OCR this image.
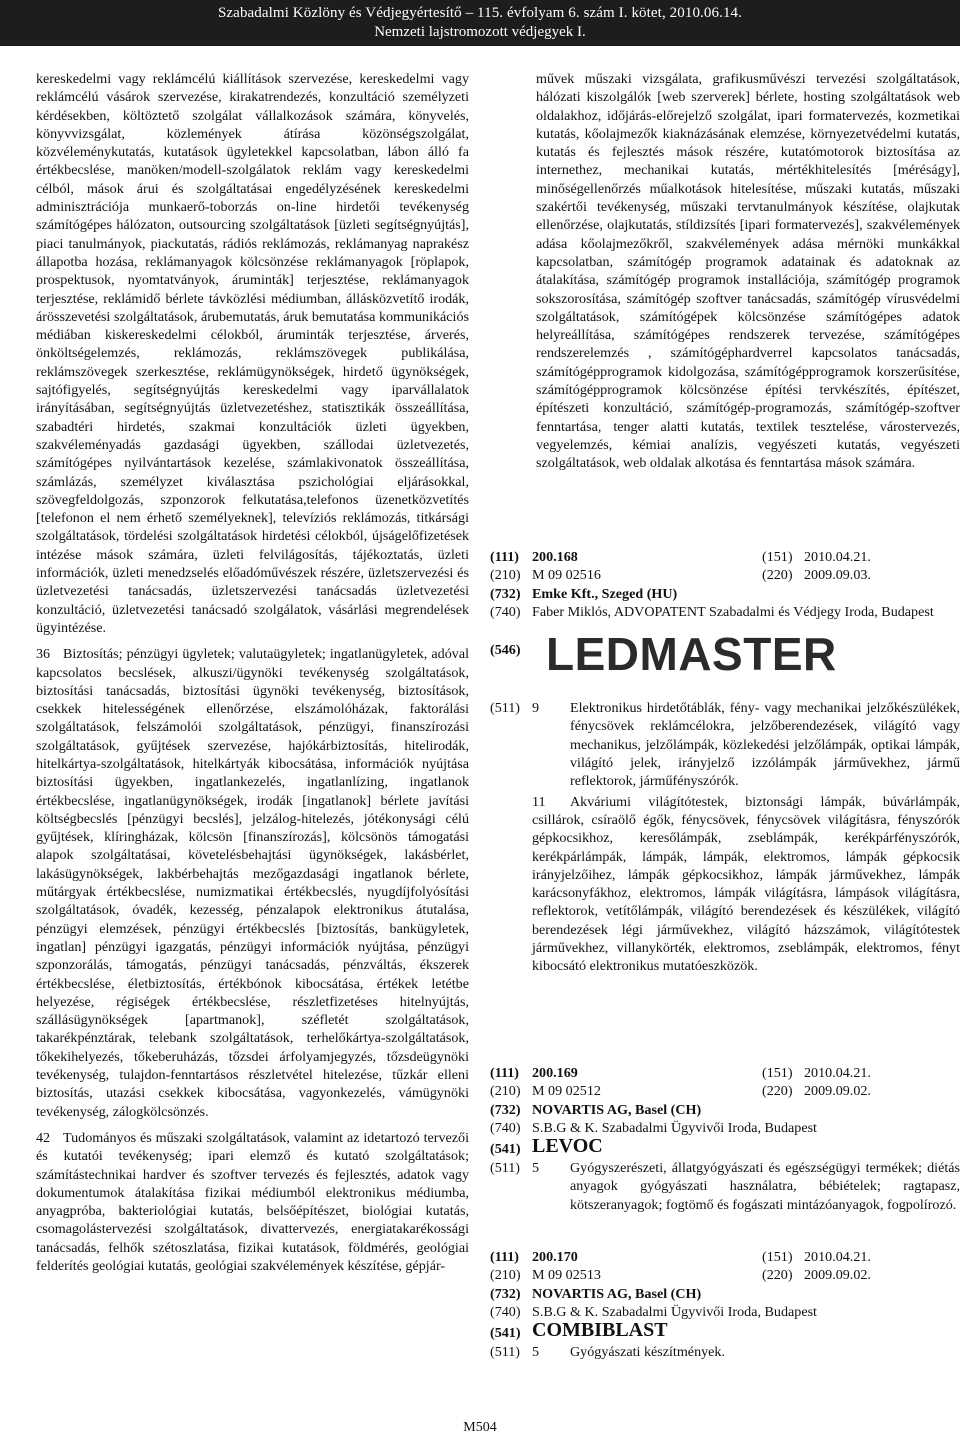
Szabadalmi Közlöny és Védjegyértesítő – 115. évfolyam 6. szám I. kötet, 2010.06.14.
Nemzeti lajstromozott védjegyek I.

kereskedelmi vagy reklámcélú kiállítások szervezése, kereskedelmi vagy reklámcélú vásárok szervezése, kirakatrendezés, konzultáció személyzeti kérdésekben, költöztető szolgálat vállalkozások számára, könyvelés, könyvvizsgálat, közlemények átírása közönségszolgálat, közvéleménykutatás, kutatások ügyletekkel kapcsolatban, lábon álló fa értékbecslése, manöken/modell-szolgálatok reklám vagy kereskedelmi célból, mások árui és szolgáltatásai engedélyzésének kereskedelmi adminisztrációja munkaerő-toborzás on-line hirdetői tevékenység számítógépes hálózaton, outsourcing szolgáltatások [üzleti segítségnyújtás], piaci tanulmányok, piackutatás, rádiós reklámozás, reklámanyag naprakész állapotba hozása, reklámanyagok kölcsönzése reklámanyagok [röplapok, prospektusok, nyomtatványok, áruminták] terjesztése, reklámanyagok terjesztése, reklámidő bérlete távközlési médiumban, állásközvetítő irodák, árösszevetési szolgáltatások, árubemutatás, áruk bemutatása kommunikációs médiában kiskereskedelmi célokból, áruminták terjesztése, árverés, önköltségelemzés, reklámozás, reklámszövegek publikálása, reklámszövegek szerkesztése, reklámügynökségek, hirdető ügynökségek, sajtófigyelés, segítségnyújtás kereskedelmi vagy iparvállalatok irányításában, segítségnyújtás üzletvezetéshez, statisztikák összeállítása, szabadtéri hirdetés, szakmai konzultációk üzleti ügyekben, szakvéleményadás gazdasági ügyekben, szállodai üzletvezetés, számítógépes nyilvántartások kezelése, számlakivonatok összeállítása, számlázás, személyzet kiválasztása pszichológiai eljárásokkal, szövegfeldolgozás, szponzorok felkutatása,telefonos üzenetközvetítés [telefonon el nem érhető személyeknek], televíziós reklámozás, titkársági szolgáltatások, tördelési szolgáltatások hirdetési célokból, újságelőfizetések intézése mások számára, üzleti felvilágosítás, tájékoztatás, üzleti információk, üzleti menedzselés előadóművészek részére, üzletszervezési és üzletvezetési tanácsadás, üzletszervezési tanácsadás üzletvezetési konzultáció, üzletvezetési tanácsadó szolgálatok, vásárlási megrendelések ügyintézése.

36 Biztosítás; pénzügyi ügyletek; valutaügyletek; ingatlanügyletek, adóval kapcsolatos becslések, alkuszi/ügynöki tevékenység szolgáltatások, biztosítási tanácsadás, biztosítási ügynöki tevékenység, biztosítások, csekkek hitelességének ellenőrzése, elszámolóházak, faktorálási szolgáltatások, felszámolói szolgáltatások, pénzügyi, finanszírozási szolgáltatások, gyűjtések szervezése, hajókárbiztosítás, hitelirodák, hitelkártya-szolgáltatások, hitelkártyák kibocsátása, információk nyújtása biztosítási ügyekben, ingatlankezelés, ingatlanlízing, ingatlanok értékbecslése, ingatlanügynökségek, irodák [ingatlanok] bérlete javítási költségbecslés [pénzügyi becslés], jelzálog-hitelezés, jótékonysági célú gyűjtések, klíringházak, kölcsön [finanszírozás], kölcsönös támogatási alapok szolgáltatásai, követelésbehajtási ügynökségek, lakásbérlet, lakásügynökségek, lakbérbehajtás mezőgazdasági ingatlanok bérlete, műtárgyak értékbecslése, numizmatikai értékbecslés, nyugdíjfolyósítási szolgáltatások, óvadék, kezesség, pénzalapok elektronikus átutalása, pénzügyi elemzések, pénzügyi értékbecslés [biztosítás, bankügyletek, ingatlan] pénzügyi igazgatás, pénzügyi információk nyújtása, pénzügyi szponzorálás, támogatás, pénzügyi tanácsadás, pénzváltás, ékszerek értékbecslése, életbiztosítás, értékbónok kibocsátása, értékek letétbe helyezése, régiségek értékbecslése, részletfizetéses hitelnyújtás, szállásügynökségek [apartmanok], széfletét szolgáltatások, takarékpénztárak, telebank szolgáltatások, terhelőkártya-szolgáltatások, tőkekihelyezés, tőkeberuházás, tőzsdei árfolyamjegyzés, tőzsdeügynöki tevékenység, tulajdon-fenntartásos részletvétel hitelezése, tűzkár elleni biztosítás, utazási csekkek kibocsátása, vagyonkezelés, vámügynöki tevékenység, zálogkölcsönzés.

42 Tudományos és műszaki szolgáltatások, valamint az idetartozó tervezői és kutatói tevékenység; ipari elemző és kutató szolgáltatások; számítástechnikai hardver és szoftver tervezés és fejlesztés, adatok vagy dokumentumok átalakítása fizikai médiumból elektronikus médiumba, anyagpróba, bakteriológiai kutatás, belsőépítészet, biológiai kutatás, csomagolástervezési szolgáltatások, divattervezés, energiatakarékossági tanácsadás, felhők szétoszlatása, fizikai kutatások, földmérés, geológiai felderítés geológiai kutatás, geológiai szakvélemények készítése, gépjár-

művek műszaki vizsgálata, grafikusművészi tervezési szolgáltatások, hálózati kiszolgálók [web szerverek] bérlete, hosting szolgáltatások web oldalakhoz, időjárás-előrejelző szolgálat, ipari formatervezés, kozmetikai kutatás, kőolajmezők kiaknázásának elemzése, környezetvédelmi kutatás, kutatás és fejlesztés mások részére, kutatómotorok biztosítása az internethez, mechanikai kutatás, mértékhitelesítés [méréságy], minőségellenőrzés műalkotások hitelesítése, műszaki kutatás, műszaki szakértői tevékenység, műszaki tervtanulmányok készítése, olajkutak ellenőrzése, olajkutatás, stíldizsítés [ipari formatervezés], szakvélemények adása kőolajmezőkről, szakvélemények adása mérnöki munkákkal kapcsolatban, számítógép programok adatainak és adatoknak az átalakítása, számítógép programok installációja, számítógép programok sokszorosítása, számítógép szoftver tanácsadás, számítógép vírusvédelmi szolgáltatások, számítógépek kölcsönzése számítógépes adatok helyreállítása, számítógépes rendszerek tervezése, számítógépes rendszerelemzés , számítógéphardverrel kapcsolatos tanácsadás, számítógépprogramok kidolgozása, számítógépprogramok korszerűsítése, számítógépprogramok kölcsönzése építési tervkészítés, építészet, építészeti konzultáció, számítógép-programozás, számítógép-szoftver fenntartása, tenger alatti kutatás, textilek tesztelése, várostervezés, vegyelemzés, kémiai analízis, vegyészeti kutatás, vegyészeti szolgáltatások, web oldalak alkotása és fenntartása mások számára.
(111) 200.168	(151) 2010.04.21.
(210) M 09 02516	(220) 2009.09.03.
(732) Emke Kft., Szeged (HU)
(740) Faber Miklós, ADVOPATENT Szabadalmi és Védjegy Iroda, Budapest
(546) LEDMASTER
(511) 9 Elektronikus hirdetőtáblák, fény- vagy mechanikai jelzőkészülékek, fénycsövek reklámcélokra, jelzőberendezések, világító vagy mechanikus, jelzőlámpák, közlekedési jelzőlámpák, optikai lámpák, világító jelek, irányjelző izzólámpák járművekhez, jármű reflektorok, járműfényszórók.
11 Akváriumi világítótestek, biztonsági lámpák, búvárlámpák, csillárok, csíraölő égők, fénycsövek, fénycsövek világításra, fényszórók gépkocsikhoz, keresőlámpák, zseblámpák, kerékpárfényszórók, kerékpárlámpák, lámpák, lámpák, elektromos, lámpák gépkocsik irányjelzőihez, lámpák gépkocsikhoz, lámpák járművekhez, lámpák karácsonyfákhoz, elektromos, lámpák világításra, lámpások világításra, reflektorok, vetítőlámpák, világító berendezések és készülékek, világító berendezések légi járművekhez, világító házszámok, világítótestek járművekhez, villanykörték, elektromos, zseblámpák, elektromos, fényt kibocsátó elektronikus mutatóeszközök.
(111) 200.169	(151) 2010.04.21.
(210) M 09 02512	(220) 2009.09.02.
(732) NOVARTIS AG, Basel (CH)
(740) S.B.G & K. Szabadalmi Ügyvivői Iroda, Budapest
(541) LEVOC
(511) 5 Gyógyszerészeti, állatgyógyászati és egészségügyi termékek; diétás anyagok gyógyászati használatra, bébiételek; ragtapasz, kötszeranyagok; fogtömő és fogászati mintázóanyagok, fogpolírozó.
(111) 200.170	(151) 2010.04.21.
(210) M 09 02513	(220) 2009.09.02.
(732) NOVARTIS AG, Basel (CH)
(740) S.B.G & K. Szabadalmi Ügyvivői Iroda, Budapest
(541) COMBIBLAST
(511) 5 Gyógyászati készítmények.
M504
